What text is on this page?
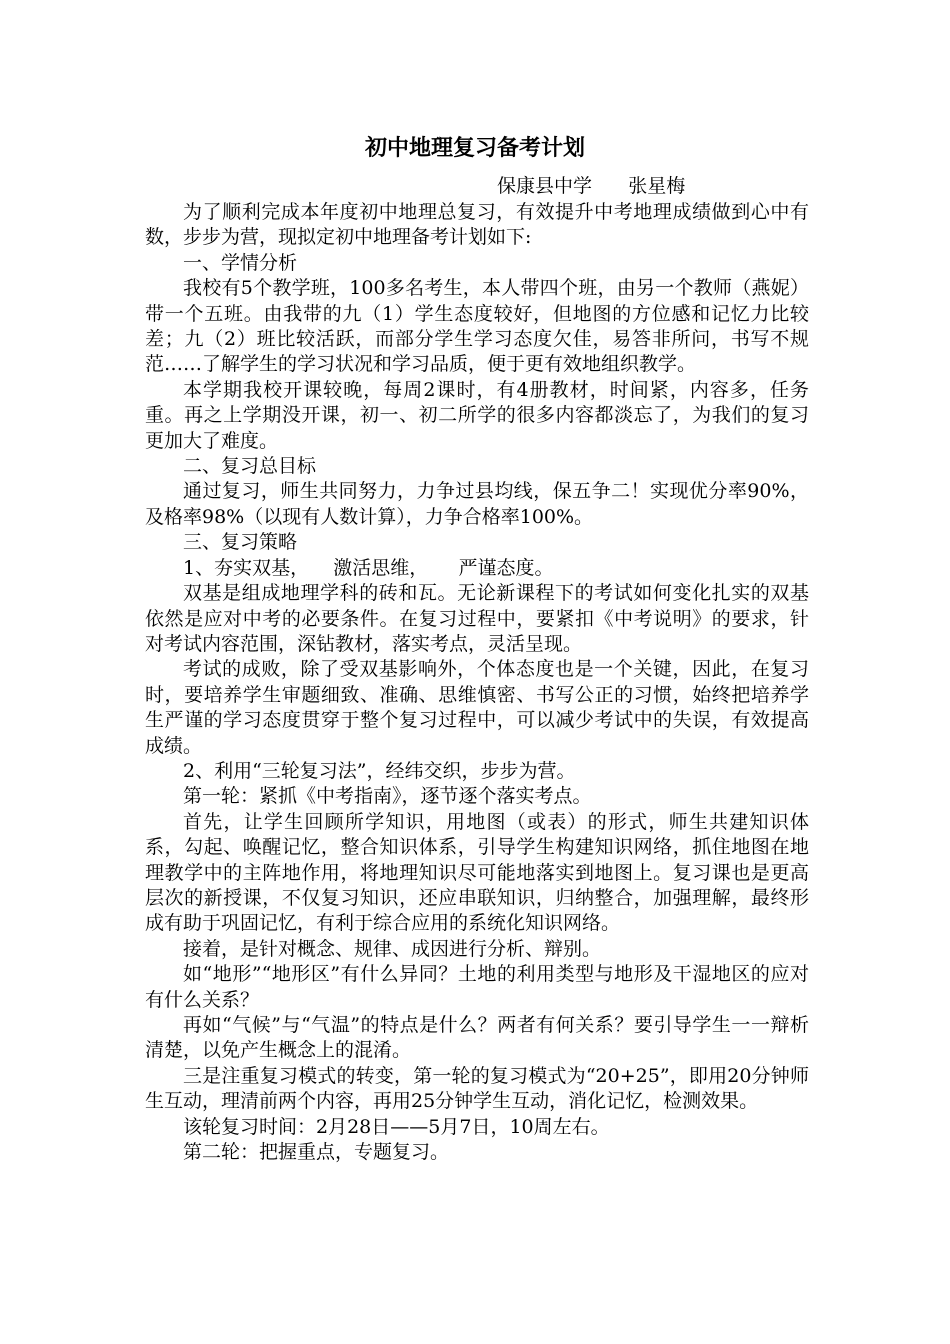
初中地理复习备考计划
保康县中学      张星梅

为了顺利完成本年度初中地理总复习，有效提升中考地理成绩做到心中有数，步步为营，现拟定初中地理备考计划如下:

一、学情分析

我校有5个教学班，100多名考生，本人带四个班，由另一个教师（燕妮）带一个五班。由我带的九（1）学生态度较好，但地图的方位感和记忆力比较差；九（2）班比较活跃，而部分学生学习态度欠佳，易答非所问，书写不规范……了解学生的学习状况和学习品质，便于更有效地组织教学。

本学期我校开课较晚，每周2课时，有4册教材，时间紧，内容多，任务重。再之上学期没开课，初一、初二所学的很多内容都淡忘了，为我们的复习更加大了难度。

二、复习总目标

通过复习，师生共同努力，力争过县均线，保五争二！实现优分率90%，及格率98%（以现有人数计算），力争合格率100%。

三、复习策略

1、夯实双基，    激活思维，     严谨态度。

双基是组成地理学科的砖和瓦。无论新课程下的考试如何变化扎实的双基依然是应对中考的必要条件。在复习过程中，要紧扣《中考说明》的要求，针对考试内容范围，深钻教材，落实考点，灵活呈现。

考试的成败，除了受双基影响外，个体态度也是一个关键，因此，在复习时，要培养学生审题细致、准确、思维慎密、书写公正的习惯，始终把培养学生严谨的学习态度贯穿于整个复习过程中，可以减少考试中的失误，有效提高成绩。

2、利用“三轮复习法”，经纬交织，步步为营。

第一轮：紧抓《中考指南》，逐节逐个落实考点。

首先，让学生回顾所学知识，用地图（或表）的形式，师生共建知识体系，勾起、唤醒记忆，整合知识体系，引导学生构建知识网络，抓住地图在地理教学中的主阵地作用，将地理知识尽可能地落实到地图上。复习课也是更高层次的新授课，不仅复习知识，还应串联知识，归纳整合，加强理解，最终形成有助于巩固记忆，有利于综合应用的系统化知识网络。

接着，是针对概念、规律、成因进行分析、辩别。

如“地形”“地形区”有什么异同？土地的利用类型与地形及干湿地区的应对有什么关系？

再如“气候”与“气温”的特点是什么？两者有何关系？要引导学生一一辩析清楚，以免产生概念上的混淆。

三是注重复习模式的转变，第一轮的复习模式为“20+25”，即用20分钟师生互动，理清前两个内容，再用25分钟学生互动，消化记忆，检测效果。

该轮复习时间：2月28日——5月7日，10周左右。

第二轮：把握重点，专题复习。
